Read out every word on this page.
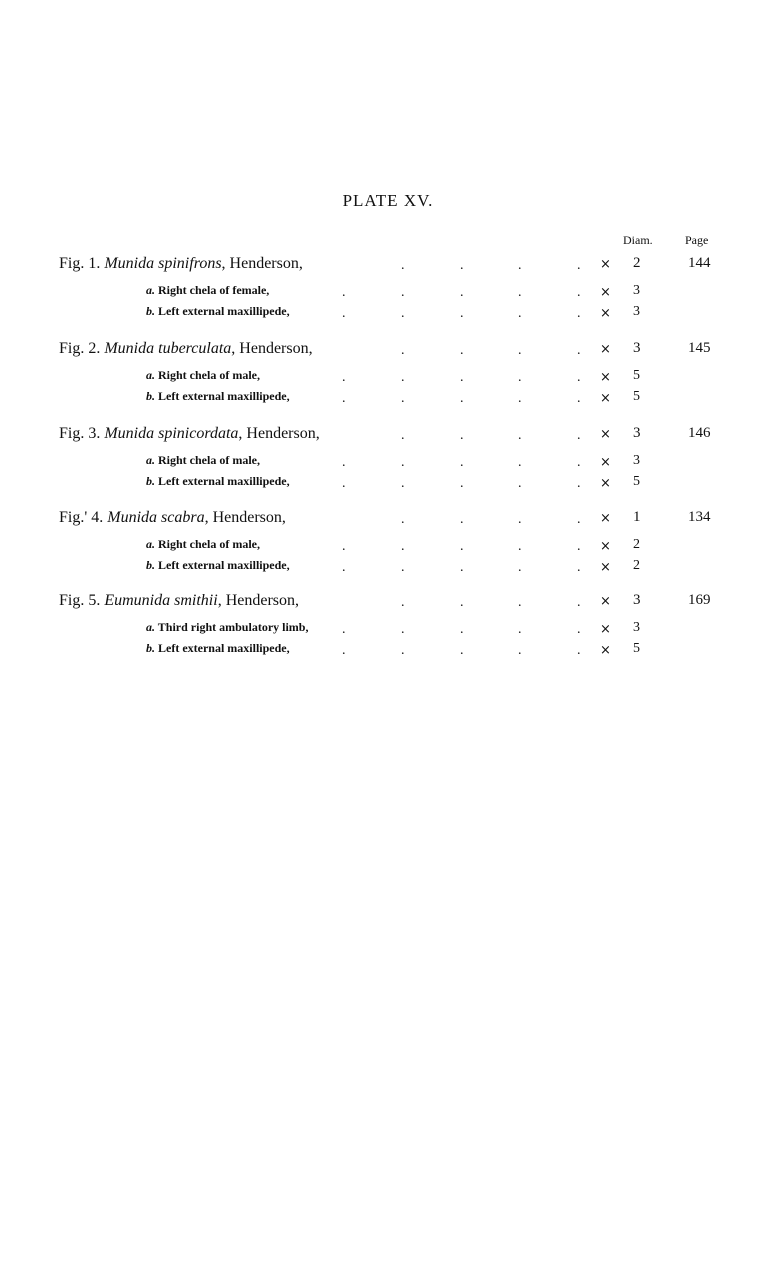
PLATE XV.
Diam.	Page
Fig. 1. Munida spinifrons, Henderson,	.	.	.	. × 2	144
a. Right chela of female,	.	.	.	.	. × 3
b. Left external maxillipede,	.	.	.	.	. × 3
Fig. 2. Munida tuberculata, Henderson,	.	.	.	. × 3	145
a. Right chela of male,	.	.	.	.	. × 5
b. Left external maxillipede,	.	.	.	.	. × 5
Fig. 3. Munida spinicordata, Henderson,	.	.	.	. × 3	146
a. Right chela of male,	.	.	.	.	. × 3
b. Left external maxillipede,	.	.	.	.	. × 5
Fig.' 4. Munida scabra, Henderson,	.	.	.	. × 1	134
a. Right chela of male,	.	.	.	.	. × 2
b. Left external maxillipede,	.	.	.	.	. × 2
Fig. 5. Eumunida smithii, Henderson,	.	.	.	. × 3	169
a. Third right ambulatory limb, .	.	.	.	. × 3
b. Left external maxillipede,	.	.	.	.	. × 5
